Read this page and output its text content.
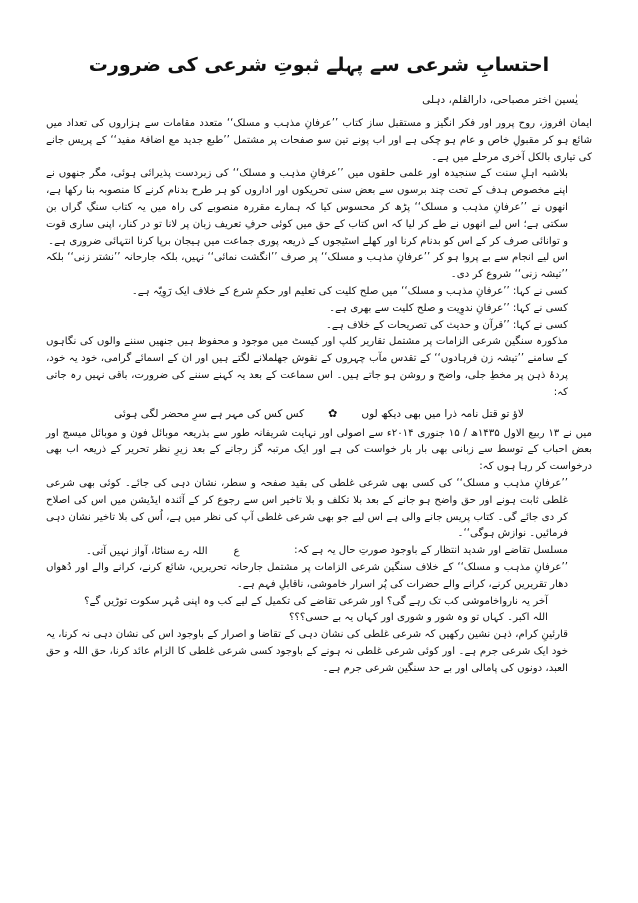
احتسابِ شرعی سے پہلے ثبوتِ شرعی کی ضرورت
یٰسین اختر مصباحی، دارالقلم، دہلی

ایمان افروز، روح پرور اور فکر انگیز و مستقبل ساز کتاب ’’عرفانِ مذہب و مسلک‘‘ متعدد مقامات سے ہزاروں کی تعداد میں شائع ہو کر مقبولِ خاص و عام ہو چکی ہے اور اب پونے تین سو صفحات پر مشتمل ’’طبع جدید مع اضافۂ مفید‘‘ کے پریس جانے کی تیاری بالکل آخری مرحلے میں ہے۔

بلاشبہ اہلِ سنت کے سنجیدہ اور علمی حلقوں میں ’’عرفانِ مذہب و مسلک‘‘ کی زبردست پذیرائی ہوئی، مگر جنھوں نے اپنے مخصوص ہدف کے تحت چند برسوں سے بعض سنی تحریکوں اور اداروں کو ہر طرح بدنام کرنے کا منصوبہ بنا رکھا ہے، انھوں نے ’’عرفانِ مذہب و مسلک‘‘ پڑھ کر محسوس کیا کہ ہمارے مقررہ منصوبے کی راہ میں یہ کتاب سنگِ گراں بن سکتی ہے؛ اس لیے انھوں نے طے کر لیا کہ اس کتاب کے حق میں کوئی حرفِ تعریف زبان پر لانا تو در کنار، اپنی ساری قوت و توانائی صرف کر کے اس کو بدنام کرنا اور کھلے اسٹیجوں کے ذریعہ پوری جماعت میں ہیجان برپا کرنا انتہائی ضروری ہے۔

اس لیے انجام سے بے پروا ہو کر ’’عرفانِ مذہب و مسلک‘‘ پر صرف ’’انگشت نمائی‘‘ نہیں، بلکہ جارحانہ ’’نشتر زنی‘‘ بلکہ ’’تیشہ زنی‘‘ شروع کر دی۔

کسی نے کہا: ’’عرفانِ مذہب و مسلک‘‘ میں صلح کلیت کی تعلیم اور حکمِ شرع کے خلاف ایک رَوِیّہ ہے۔

کسی نے کہا: ’’عرفانِ ندوِیت و صلح کلیت سے بھری ہے۔

کسی نے کہا: ’’قرآن و حدیث کی تصریحات کے خلاف ہے۔

مذکورہ سنگین شرعی الزامات پر مشتمل تقاریر کلپ اور کیسٹ میں موجود و محفوظ ہیں جنھیں سننے والوں کی نگاہوں کے سامنے ’’تیشہ زن فرہادوں‘‘ کے تقدس مآب چہروں کے نقوش جھلملانے لگتے ہیں اور ان کے اسمائے گرامی، خود یہ خود، پردۂ ذہن پر مخطِ جلی، واضح و روشن ہو جاتے ہیں۔ اس سماعت کے بعد یہ کہنے سننے کی ضرورت، باقی نہیں رہ جاتی کہ:

لاؤ تو قتل نامہ ذرا میں بھی دیکھ لوں
✿
کس کس کی مہر ہے سرِ محضر لگی ہوئی

میں نے ۱۳ ربیع الاول ۱۴۳۵ھ / ۱۵ جنوری ۲۰۱۴ء سے اصولی اور نہایت شریفانہ طور سے بذریعہ موبائل فون و موبائل میسج اور بعض احباب کے توسط سے زبانی بھی بار بار خواست کی ہے اور ایک مرتبہ گز رجانے کے بعد زیرِ نظر تحریر کے ذریعہ اب بھی درخواست کر رہا ہوں کہ:

’’عرفانِ مذہب و مسلک‘‘ کی کسی بھی شرعی غلطی کی بقید صفحہ و سطر، نشان دہی کی جائے۔ کوئی بھی شرعی غلطی ثابت ہونے اور حق واضح ہو جانے کے بعد بلا تکلف و بلا تاخیر اس سے رجوع کر کے آئندہ ایڈیشن میں اس کی اصلاح کر دی جائے گی۔ کتاب پریس جانے والی ہے اس لیے جو بھی شرعی غلطی آپ کی نظر میں ہے، اُس کی بلا تاخیر نشان دہی فرمائیں۔ نوازش ہوگی‘‘۔

مسلسل تقاضے اور شدید انتظار کے باوجود صورتِ حال یہ ہے کہ:

ع        اللہ رے سناٹا، آواز نہیں آتی۔

’’عرفانِ مذہب و مسلک‘‘ کے خلاف سنگین شرعی الزامات پر مشتمل جارحانہ تحریریں، شائع کرنے، کرانے والے اور دُھواں دھار تقریریں کرنے، کرانے والے حضرات کی پُر اسرار خاموشی، ناقابلِ فہم ہے۔

آخر یہ نارواخاموشی کب تک رہے گی؟ اور شرعی تقاضے کی تکمیل کے لیے کب وہ اپنی مُہر سکوت توڑیں گے؟

اللہ اکبر۔ کہاں تو وہ شور و شوری اور کہاں یہ بے حسی؟؟؟

قارئینِ کرام، ذہن نشین رکھیں کہ شرعی غلطی کی نشان دہی کے تقاضا و اصرار کے باوجود اس کی نشان دہی نہ کرنا، یہ خود ایک شرعی جرم ہے۔ اور کوئی شرعی غلطی نہ ہونے کے باوجود کسی شرعی غلطی کا الزام عائد کرنا، حق اللہ و حق العبد، دونوں کی پامالی اور بے حد سنگین شرعی جرم ہے۔
